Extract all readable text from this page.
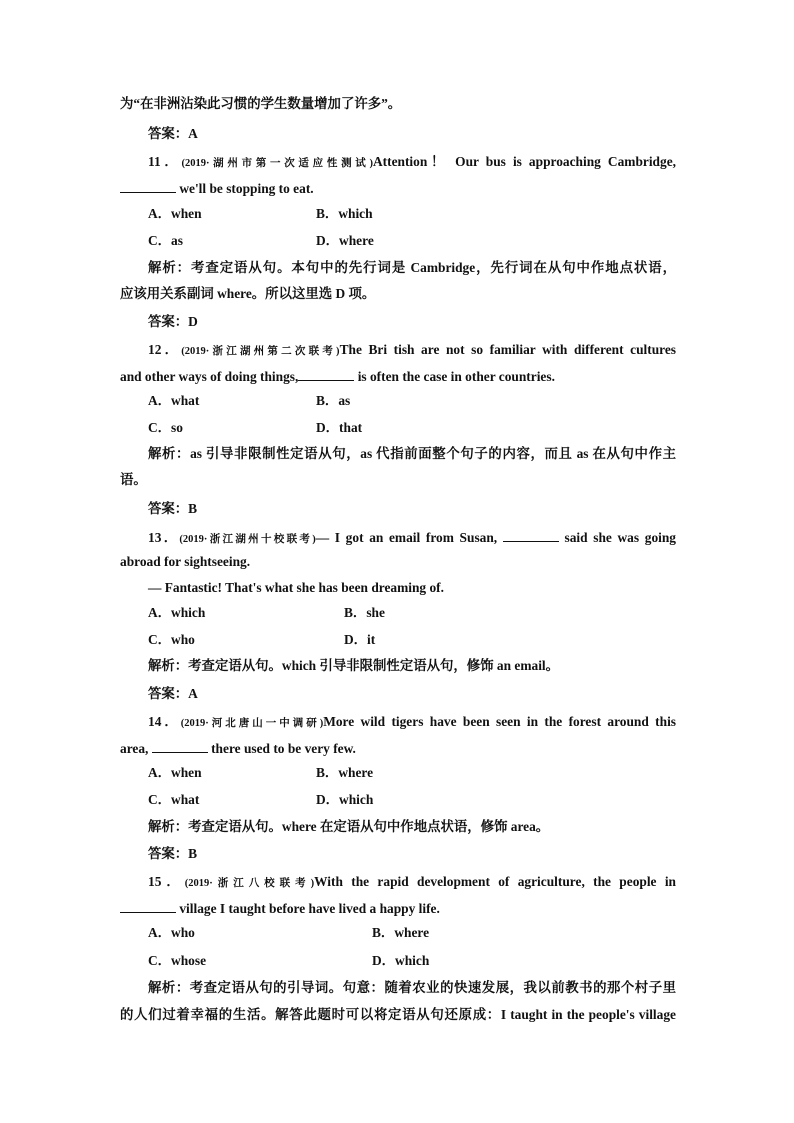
为“在非洲沾染此习惯的学生数量增加了许多”。
答案：A
11．(2019·湖州市第一次适应性测试)Attention！ Our bus is approaching Cambridge,
we'll be stopping to eat.
A．when	B．which
C．as	D．where
解析：考查定语从句。本句中的先行词是 Cambridge，先行词在从句中作地点状语，
应该用关系副词 where。所以这里选 D 项。
答案：D
12．(2019·浙江湖州第二次联考)The Bri tish are not so familiar with different cultures
and other ways of doing things,	is often the case in other countries.
A．what	B．as
C．so	D．that
解析：as 引导非限制性定语从句，as 代指前面整个句子的内容，而且 as 在从句中作主
语。
答案：B
13．(2019·浙江湖州十校联考)— I got an email from Susan,	said she was going
abroad for sightseeing.
— Fantastic! That's what she has been dreaming of.
A．which	B．she
C．who	D．it
解析：考查定语从句。which 引导非限制性定语从句，修饰 an email。
答案：A
14．(2019·河北唐山一中调研)More wild tigers have been seen in the forest around this
area,	there used to be very few.
A．when	B．where
C．what	D．which
解析：考查定语从句。where 在定语从句中作地点状语，修饰 area。
答案：B
15．(2019·浙江八校联考)With the rapid development of agriculture, the people in
village I taught before have lived a happy life.
A．who	B．where
C．whose	D．which
解析：考查定语从句的引导词。句意：随着农业的快速发展，我以前教书的那个村子里
的人们过着幸福的生活。解答此题时可以将定语从句还原成：I taught in the people's village
